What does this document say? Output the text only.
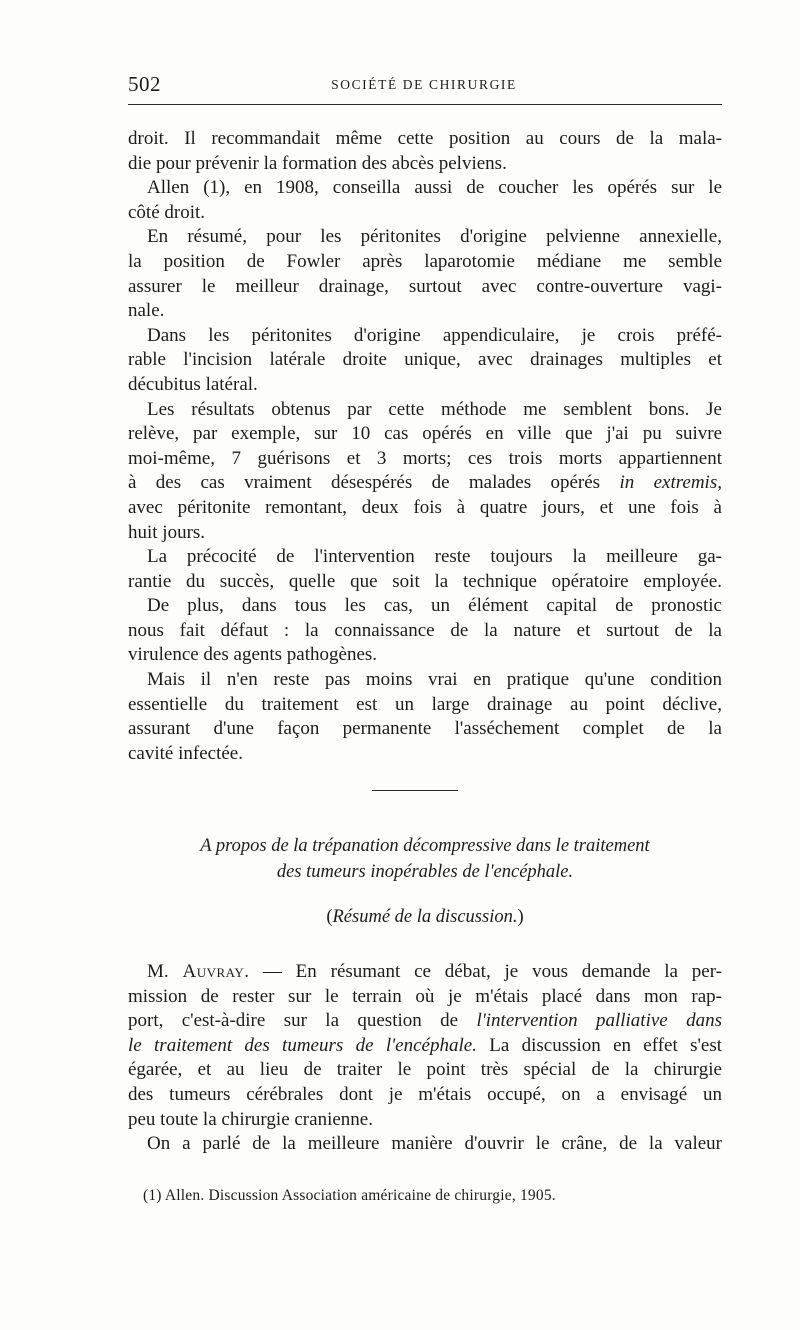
502	SOCIÉTÉ DE CHIRURGIE
droit. Il recommandait même cette position au cours de la mala-
die pour prévenir la formation des abcès pelviens.
Allen (1), en 1908, conseilla aussi de coucher les opérés sur le
côté droit.
En résumé, pour les péritonites d'origine pelvienne annexielle,
la position de Fowler après laparotomie médiane me semble
assurer le meilleur drainage, surtout avec contre-ouverture vagi-
nale.
Dans les péritonites d'origine appendiculaire, je crois préfé-
rable l'incision latérale droite unique, avec drainages multiples et
décubitus latéral.
Les résultats obtenus par cette méthode me semblent bons. Je
relève, par exemple, sur 10 cas opérés en ville que j'ai pu suivre
moi-même, 7 guérisons et 3 morts; ces trois morts appartiennent
à des cas vraiment désespérés de malades opérés in extremis,
avec péritonite remontant, deux fois à quatre jours, et une fois à
huit jours.
La précocité de l'intervention reste toujours la meilleure ga-
rantie du succès, quelle que soit la technique opératoire employée.
De plus, dans tous les cas, un élément capital de pronostic
nous fait défaut : la connaissance de la nature et surtout de la
virulence des agents pathogènes.
Mais il n'en reste pas moins vrai en pratique qu'une condition
essentielle du traitement est un large drainage au point déclive,
assurant d'une façon permanente l'asséchement complet de la
cavité infectée.
A propos de la trépanation décompressive dans le traitement
des tumeurs inopérables de l'encéphale.
(Résumé de la discussion.)
M. Auvray. — En résumant ce débat, je vous demande la per-
mission de rester sur le terrain où je m'étais placé dans mon rap-
port, c'est-à-dire sur la question de l'intervention palliative dans
le traitement des tumeurs de l'encéphale. La discussion en effet s'est
égarée, et au lieu de traiter le point très spécial de la chirurgie
des tumeurs cérébrales dont je m'étais occupé, on a envisagé un
peu toute la chirurgie cranienne.
On a parlé de la meilleure manière d'ouvrir le crâne, de la valeur
(1) Allen. Discussion Association américaine de chirurgie, 1905.
